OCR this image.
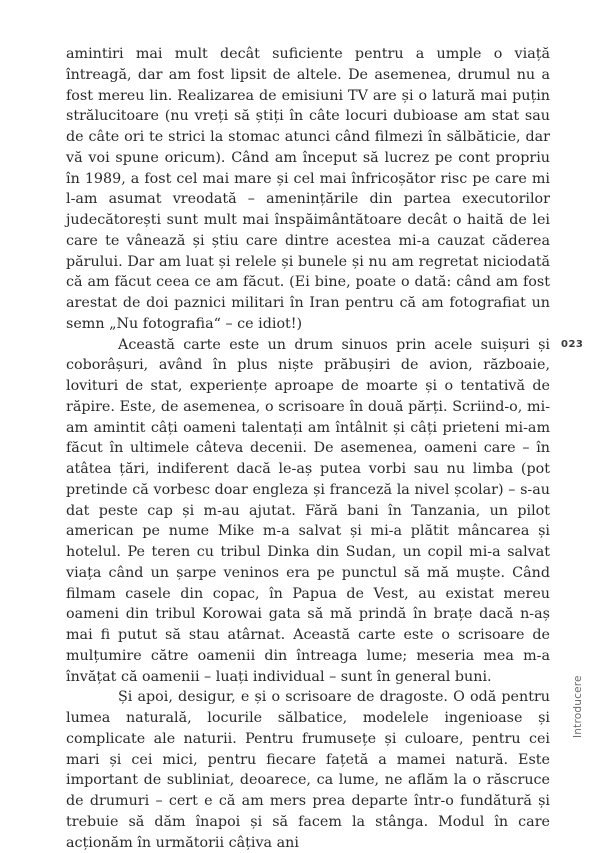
amintiri mai mult decât suficiente pentru a umple o viață întreagă, dar am fost lipsit de altele. De asemenea, drumul nu a fost mereu lin. Realizarea de emisiuni TV are și o latură mai puțin strălucitoare (nu vreți să știți în câte locuri dubioase am stat sau de câte ori te strici la stomac atunci când filmezi în sălbăticie, dar vă voi spune oricum). Când am început să lucrez pe cont propriu în 1989, a fost cel mai mare și cel mai înfricoșător risc pe care mi l-am asumat vreodată – amenințările din partea executorilor judecătorești sunt mult mai înspăimântătoare decât o haită de lei care te vânează și știu care dintre acestea mi-a cauzat căderea părului. Dar am luat și relele și bunele și nu am regretat niciodată că am făcut ceea ce am făcut. (Ei bine, poate o dată: când am fost arestat de doi paznici militari în Iran pentru că am fotografiat un semn „Nu fotografia“ – ce idiot!)

Această carte este un drum sinuos prin acele suișuri și coborâșuri, având în plus niște prăbușiri de avion, războaie, lovituri de stat, experiențe aproape de moarte și o tentativă de răpire. Este, de asemenea, o scrisoare în două părți. Scriind-o, mi-am amintit câți oameni talentați am întâlnit și câți prieteni mi-am făcut în ultimele câteva decenii. De asemenea, oameni care – în atâtea țări, indiferent dacă le-aș putea vorbi sau nu limba (pot pretinde că vorbesc doar engleza și franceză la nivel școlar) – s-au dat peste cap și m-au ajutat. Fără bani în Tanzania, un pilot american pe nume Mike m-a salvat și mi-a plătit mâncarea și hotelul. Pe teren cu tribul Dinka din Sudan, un copil mi-a salvat viața când un șarpe veninos era pe punctul să mă muște. Când filmam casele din copac, în Papua de Vest, au existat mereu oameni din tribul Korowai gata să mă prindă în brațe dacă n-aș mai fi putut să stau atârnat. Această carte este o scrisoare de mulțumire către oamenii din întreaga lume; meseria mea m-a învățat că oamenii – luați individual – sunt în general buni.

Și apoi, desigur, e și o scrisoare de dragoste. O odă pentru lumea naturală, locurile sălbatice, modelele ingenioase și complicate ale naturii. Pentru frumusețe și culoare, pentru cei mari și cei mici, pentru fiecare fațetă a mamei natură. Este important de subliniat, deoarece, ca lume, ne aflăm la o răscruce de drumuri – cert e că am mers prea departe într-o fundătură și trebuie să dăm înapoi și să facem la stânga. Modul în care acționăm în următorii câțiva ani

023
Introducere
